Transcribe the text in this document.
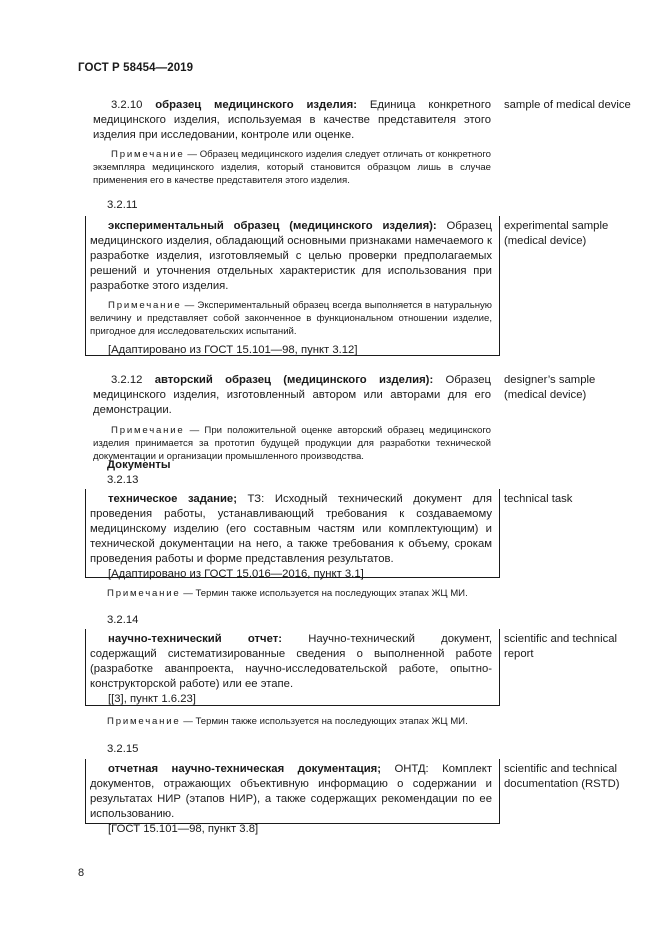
ГОСТ Р 58454—2019
3.2.10 образец медицинского изделия: Единица конкретного медицинского изделия, используемая в качестве представителя этого изделия при исследовании, контроле или оценке.
Примечание — Образец медицинского изделия следует отличать от конкретного экземпляра медицинского изделия, который становится образцом лишь в случае применения его в качестве представителя этого изделия.
sample of medical device
3.2.11
экспериментальный образец (медицинского изделия): Образец медицинского изделия, обладающий основными признаками намечаемого к разработке изделия, изготовляемый с целью проверки предполагаемых решений и уточнения отдельных характеристик для использования при разработке этого изделия.
Примечание — Экспериментальный образец всегда выполняется в натуральную величину и представляет собой законченное в функциональном отношении изделие, пригодное для исследовательских испытаний.
[Адаптировано из ГОСТ 15.101—98, пункт 3.12]
experimental sample (medical device)
3.2.12 авторский образец (медицинского изделия): Образец медицинского изделия, изготовленный автором или авторами для его демонстрации.
Примечание — При положительной оценке авторский образец медицинского изделия принимается за прототип будущей продукции для разработки технической документации и организации промышленного производства.
designer’s sample (medical device)
Документы
3.2.13
техническое задание; ТЗ: Исходный технический документ для проведения работы, устанавливающий требования к создаваемому медицинскому изделию (его составным частям или комплектующим) и технической документации на него, а также требования к объему, срокам проведения работы и форме представления результатов.
[Адаптировано из ГОСТ 15.016—2016, пункт 3.1]
technical task
Примечание — Термин также используется на последующих этапах ЖЦ МИ.
3.2.14
научно-технический отчет: Научно-технический документ, содержащий систематизированные сведения о выполненной работе (разработке аванпроекта, научно-исследовательской работе, опытно-конструкторской работе) или ее этапе.
[[3], пункт 1.6.23]
scientific and technical report
Примечание — Термин также используется на последующих этапах ЖЦ МИ.
3.2.15
отчетная научно-техническая документация; ОНТД: Комплект документов, отражающих объективную информацию о содержании и результатах НИР (этапов НИР), а также содержащих рекомендации по ее использованию.
[ГОСТ 15.101—98, пункт 3.8]
scientific and technical documentation (RSTD)
8
